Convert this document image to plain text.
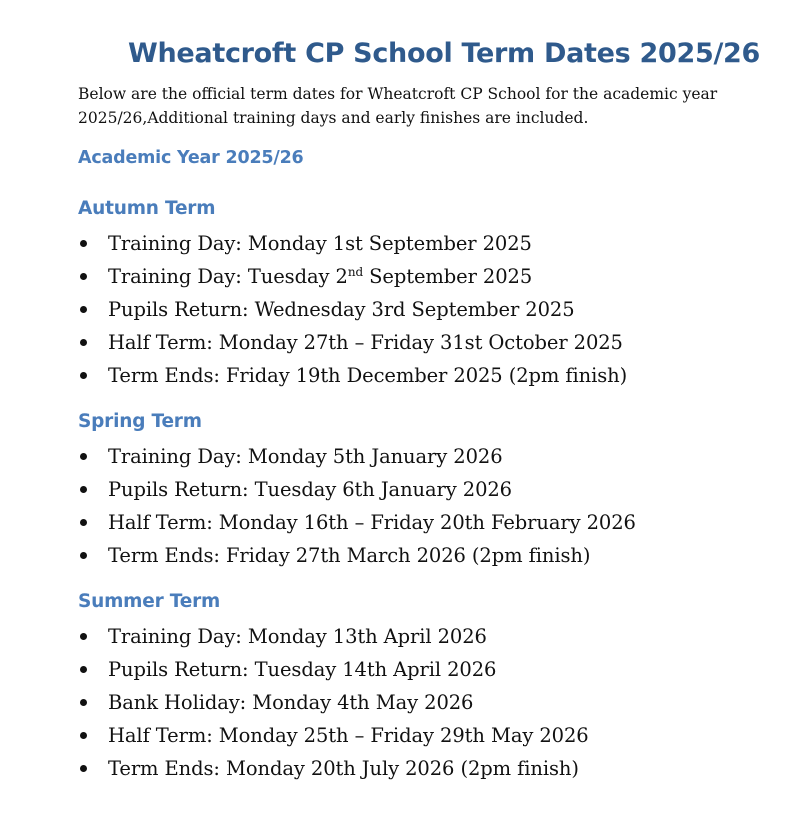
Wheatcroft CP School Term Dates 2025/26
Below are the official term dates for Wheatcroft CP School for the academic year 2025/26,Additional training days and early finishes are included.
Academic Year 2025/26
Autumn Term
Training Day: Monday 1st September 2025
Training Day: Tuesday 2nd September 2025
Pupils Return: Wednesday 3rd September 2025
Half Term: Monday 27th – Friday 31st October 2025
Term Ends: Friday 19th December 2025 (2pm finish)
Spring Term
Training Day: Monday 5th January 2026
Pupils Return: Tuesday 6th January 2026
Half Term: Monday 16th – Friday 20th February 2026
Term Ends: Friday 27th March 2026 (2pm finish)
Summer Term
Training Day: Monday 13th April 2026
Pupils Return: Tuesday 14th April 2026
Bank Holiday: Monday 4th May 2026
Half Term: Monday 25th – Friday 29th May 2026
Term Ends: Monday 20th July 2026 (2pm finish)
